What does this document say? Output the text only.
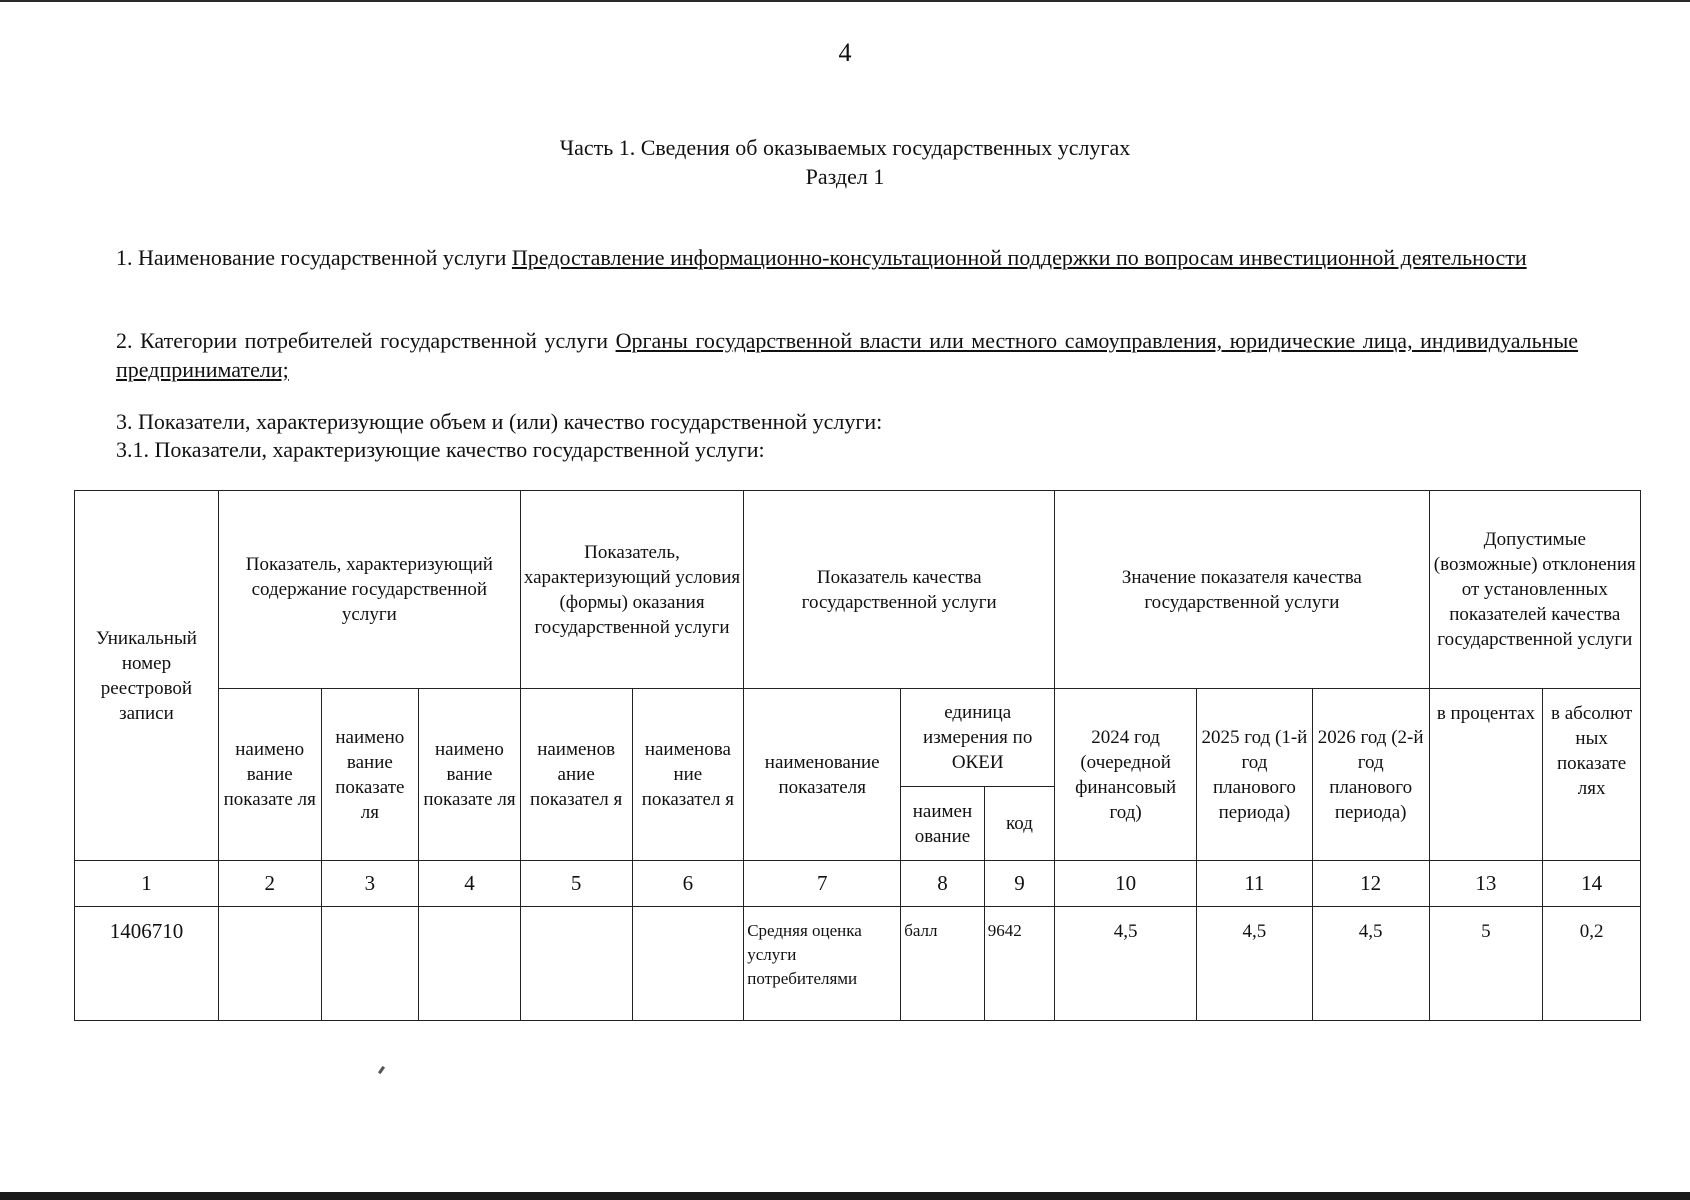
4
Часть 1. Сведения об оказываемых государственных услугах
Раздел 1
1. Наименование государственной услуги Предоставление информационно-консультационной поддержки по вопросам инвестиционной деятельности
2. Категории потребителей государственной услуги Органы государственной власти или местного самоуправления, юридические лица, индивидуальные предприниматели;
3. Показатели, характеризующие объем и (или) качество государственной услуги:
3.1. Показатели, характеризующие качество государственной услуги:
Уникальный номер реестровой записи	Показатель, характеризующий содержание государственной услуги			Показатель, характеризующий условия (формы) оказания государственной услуги		Показатель качества государственной услуги			Значение показателя качества государственной услуги			Допустимые (возможные) отклонения от установленных показателей качества государственной услуги	
	наимено вание показате ля	наимено вание показате ля	наимено вание показате ля	наименов ание показател я	наименова ние показател я	наименование показателя	единица измерения по ОКЕИ		2024 год (очередной финансовый год)	2025 год (1-й год планового периода)	2026 год (2-й год планового периода)	в процентах	в абсолют ных показате лях
							наимен ование	код					
1	2	3	4	5	6	7	8	9	10	11	12	13	14
1406710						Средняя оценка услуги потребителями	балл	9642	4,5	4,5	4,5	5	0,2
